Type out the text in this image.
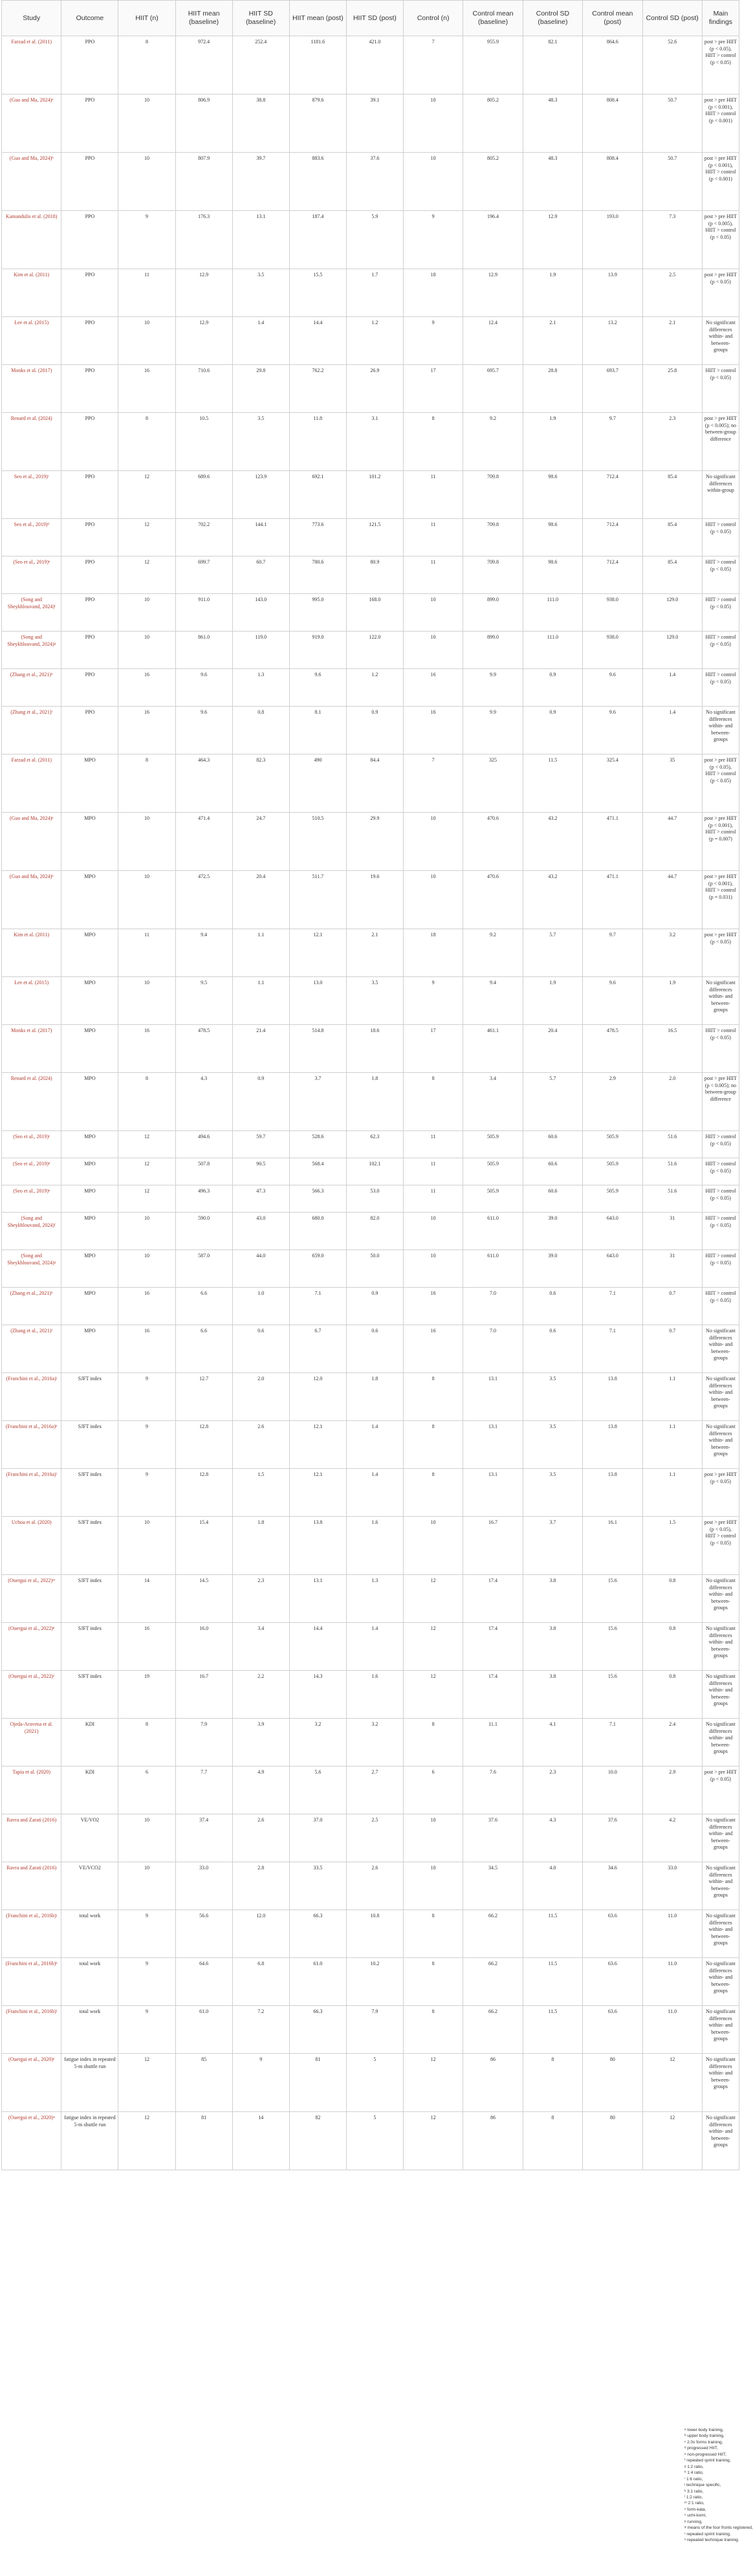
Study	Outcome	HIIT (n)	HIIT mean (baseline)	HIIT SD (baseline)	HIIT mean (post)	HIIT SD (post)	Control (n)	Control mean (baseline)	Control SD (baseline)	Control mean (post)	Control SD (post)	Main findings
Farzad et al. (2011)	PPO	8	972.4	252.4	1181.6	421.0	7	955.9	82.1	864.6	52.6	post > pre HIIT (p < 0.05), HIIT > control (p < 0.05)
(Guo and Ma, 2024)ᵃ	PPO	10	806.9	38.8	879.6	39.1	10	805.2	48.3	808.4	50.7	post > pre HIIT (p < 0.001), HIIT > control (p < 0.001)
(Guo and Ma, 2024)ᵇ	PPO	10	807.9	39.7	883.6	37.6	10	805.2	48.3	808.4	50.7	post > pre HIIT (p < 0.001), HIIT > control (p < 0.001)
Kamandulis et al. (2018)	PPO	9	176.3	13.1	187.4	5.9	9	196.4	12.9	193.0	7.3	post > pre HIIT (p < 0.005), HIIT > control (p < 0.05)
Kim et al. (2011)	PPO	11	12.9	3.5	15.5	1.7	18	12.9	1.9	13.9	2.5	post > pre HIIT (p < 0.05)
Lee et al. (2015)	PPO	10	12.9	1.4	14.4	1.2	9	12.4	2.1	13.2	2.1	No significant differences within- and between-groups
Monks et al. (2017)	PPO	16	710.6	29.8	762.2	26.9	17	695.7	28.8	693.7	25.8	HIIT > control (p < 0.05)
Renard et al. (2024)	PPO	8	10.5	3.5	11.8	3.1	8	9.2	1.9	9.7	2.3	post > pre HIIT (p < 0.005); no between-group difference
Seo et al., 2019)ᶜ	PPO	12	689.6	123.9	692.1	101.2	11	709.8	98.6	712.4	85.4	No significant differences within-group
Seo et al., 2019)ᵈ	PPO	12	702.2	144.1	773.6	121.5	11	709.8	98.6	712.4	85.4	HIIT > control (p < 0.05)
(Seo et al., 2019)ᵉ	PPO	12	699.7	60.7	780.6	80.9	11	709.8	98.6	712.4	85.4	HIIT > control (p < 0.05)
(Song and Sheykhlouvand, 2024)ᶠ	PPO	10	911.0	143.0	995.0	168.0	10	899.0	111.0	938.0	129.0	HIIT > control (p < 0.05)
(Song and Sheykhlouvand, 2024)ᵍ	PPO	10	861.0	119.0	919.0	122.0	10	899.0	111.0	938.0	129.0	HIIT > control (p < 0.05)
(Zhang et al., 2021)ʰ	PPO	16	9.6	1.3	9.6	1.2	16	9.9	0.9	9.6	1.4	HIIT > control (p < 0.05)
(Zhang et al., 2021)ⁱ	PPO	16	9.6	0.8	8.1	0.9	16	9.9	0.9	9.6	1.4	No significant differences within- and between-groups
Farzad et al. (2011)	MPO	8	464.3	82.3	490	84.4	7	325	11.5	325.4	35	post > pre HIIT (p < 0.05), HIIT > control (p < 0.05)
(Guo and Ma, 2024)ᵃ	MPO	10	471.4	24.7	510.5	29.9	10	470.6	43.2	471.1	44.7	post > pre HIIT (p < 0.001), HIIT > control (p = 0.007)
(Guo and Ma, 2024)ᵇ	MPO	10	472.5	20.4	511.7	19.6	10	470.6	43.2	471.1	44.7	post > pre HIIT (p < 0.001), HIIT > control (p = 0.031)
Kim et al. (2011)	MPO	11	9.4	1.1	12.1	2.1	18	9.2	5.7	9.7	3.2	post > pre HIIT (p < 0.05)
Lee et al. (2015)	MPO	10	9.5	1.1	13.0	3.5	9	9.4	1.9	9.6	1.9	No significant differences within- and between-groups
Monks et al. (2017)	MPO	16	478.5	21.4	514.8	18.6	17	461.1	20.4	478.5	16.5	HIIT > control (p < 0.05)
Renard et al. (2024)	MPO	8	4.3	0.9	3.7	1.8	8	3.4	5.7	2.9	2.0	post > pre HIIT (p < 0.005); no between-group difference
(Seo et al., 2019)ᶜ	MPO	12	494.6	59.7	528.6	62.3	11	505.9	60.6	505.9	51.6	HIIT > control (p < 0.05)
(Seo et al., 2019)ᵈ	MPO	12	507.8	90.5	568.4	102.1	11	505.9	60.6	505.9	51.6	HIIT > control (p < 0.05)
(Seo et al., 2019)ᵉ	MPO	12	496.3	47.3	566.3	53.0	11	505.9	60.6	505.9	51.6	HIIT > control (p < 0.05)
(Song and Sheykhlouvand, 2024)ᶠ	MPO	10	590.0	43.0	680.0	82.0	10	611.0	39.0	643.0	31	HIIT > control (p < 0.05)
(Song and Sheykhlouvand, 2024)ᵍ	MPO	10	587.0	44.0	659.0	50.0	10	611.0	39.0	643.0	31	HIIT > control (p < 0.05)
(Zhang et al., 2021)ʰ	MPO	16	6.6	1.0	7.1	0.9	16	7.0	0.6	7.1	0.7	HIIT > control (p < 0.05)
(Zhang et al., 2021)ⁱ	MPO	16	6.6	0.6	6.7	0.6	16	7.0	0.6	7.1	0.7	No significant differences within- and between-groups
(Franchini et al., 2016a)ʲ	SJFT index	9	12.7	2.0	12.0	1.8	8	13.1	3.5	13.8	1.1	No significant differences within- and between-groups
(Franchini et al., 2016a)ᵏ	SJFT index	9	12.8	2.6	12.1	1.4	8	13.1	3.5	13.8	1.1	No significant differences within- and between-groups
(Franchini et al., 2016a)ˡ	SJFT index	9	12.8	1.5	12.1	1.4	8	13.1	3.5	13.8	1.1	post > pre HIIT (p < 0.05)
Uchoa et al. (2020)	SJFT index	10	15.4	1.8	13.8	1.6	10	16.7	3.7	16.1	1.5	post > pre HIIT (p < 0.05), HIIT > control (p < 0.05)
(Ouergui et al., 2022)ᵐ	SJFT index	14	14.5	2.3	13.1	1.3	12	17.4	3.8	15.6	0.8	No significant differences within- and between-groups
(Ouergui et al., 2022)ⁿ	SJFT index	16	16.0	3.4	14.4	1.4	12	17.4	3.8	15.6	0.8	No significant differences within- and between-groups
(Ouergui et al., 2022)ᵒ	SJFT index	19	16.7	2.2	14.3	1.6	12	17.4	3.8	15.6	0.8	No significant differences within- and between-groups
Ojeda-Aravena et al. (2021)	KDI	8	7.9	3.9	3.2	3.2	8	11.1	4.1	7.1	2.4	No significant differences within- and between-groups
Tapia et al. (2020)	KDI	6	7.7	4.9	5.6	2.7	6	7.6	2.3	10.0	2.9	post > pre HIIT (p < 0.05)
Ravra and Zarati (2016)	VE/VO2	10	37.4	2.6	37.0	2.5	10	37.6	4.3	37.6	4.2	No significant differences within- and between-groups
Ravra and Zarati (2016)	VE/VCO2	10	33.0	2.8	33.5	2.6	10	34.5	4.0	34.6	33.0	No significant differences within- and between-groups
(Franchini et al., 2016b)ʲ	total work	9	56.6	12.0	66.3	10.8	8	66.2	11.5	63.6	11.0	No significant differences within- and between-groups
(Franchini et al., 2016b)ᵏ	total work	9	64.6	6.8	61.0	10.2	8	66.2	11.5	63.6	11.0	No significant differences within- and between-groups
(Franchini et al., 2016b)ˡ	total work	9	61.0	7.2	66.3	7.9	8	66.2	11.5	63.6	11.0	No significant differences within- and between-groups
(Ouergui et al., 2020)ᵖ	fatigue index in repeated 5-m shuttle run	12	85	9	81	5	12	86	8	80	12	No significant differences within- and between-groups
(Ouergui et al., 2020)ᵠ	fatigue index in repeated 5-m shuttle run	12	81	14	82	5	12	86	8	80	12	No significant differences within- and between-groups
ᵃ lower body training,
ᵇ upper body training,
ᶜ 2.0s forms training,
ᵈ progressed HIIT,
ᵉ non-progressed HIIT,
ᶠ repeated sprint training,
ᵍ 1:2 ratio,
ʰ 1:4 ratio,
ⁱ 1:6 ratio,
ʲ technique specific,
ᵏ 3:1 ratio,
ˡ 1:2 ratio,
ᵐ 2:1 ratio,
ⁿ form-kata,
ᵒ uchi-komi,
ᵖ running,
ᵠ means of the four fronts registered,
ʳ repeated sprint training,
ˢ repeated technique training.
